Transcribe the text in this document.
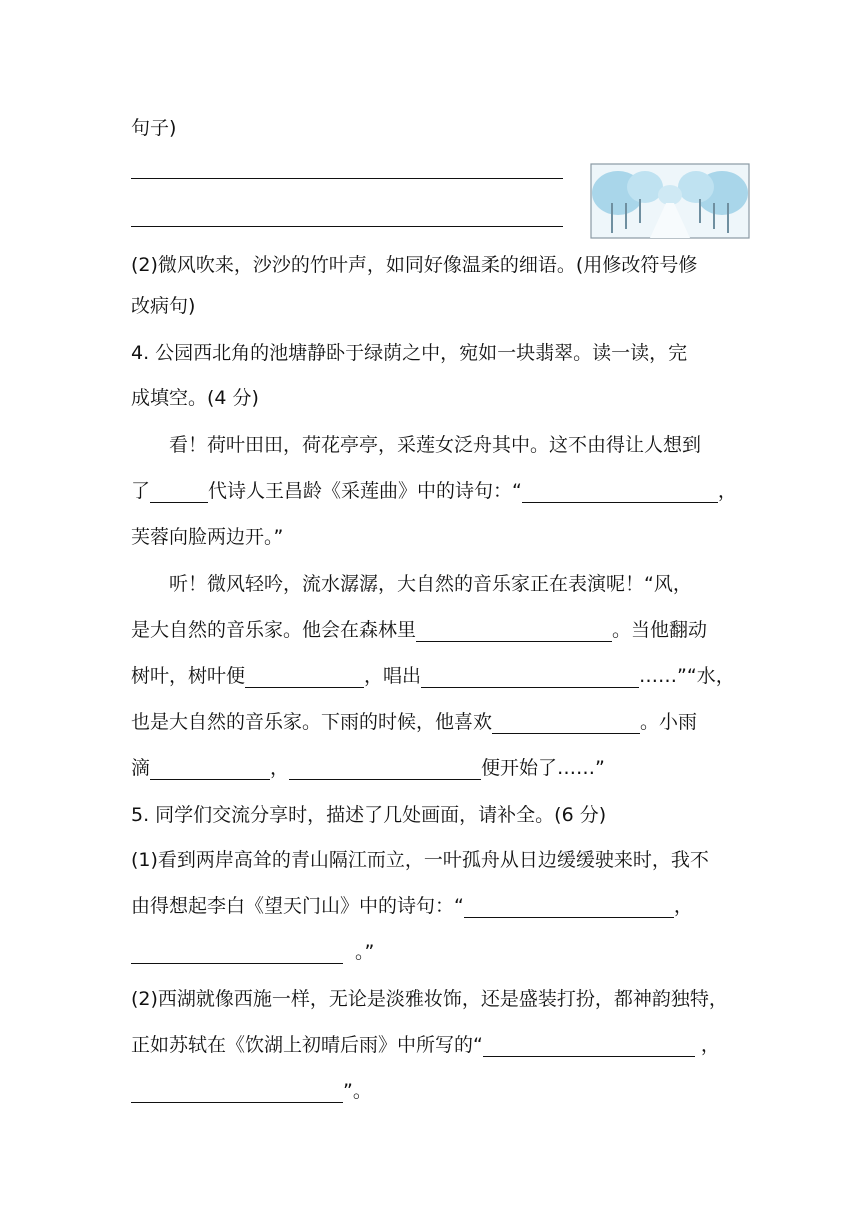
句子)
(2)微风吹来，沙沙的竹叶声，如同好像温柔的细语。(用修改符号修
改病句)
4. 公园西北角的池塘静卧于绿荫之中，宛如一块翡翠。读一读，完
成填空。(4 分)
看！荷叶田田，荷花亭亭，采莲女泛舟其中。这不由得让人想到
了	代诗人王昌龄《采莲曲》中的诗句：“	，
芙蓉向脸两边开。”
听！微风轻吟，流水潺潺，大自然的音乐家正在表演呢！“风，
是大自然的音乐家。他会在森林里	。当他翻动
树叶，树叶便	，唱出	……”“水，
也是大自然的音乐家。下雨的时候，他喜欢	。小雨
滴	，	便开始了……”
5. 同学们交流分享时，描述了几处画面，请补全。(6 分)
(1)看到两岸高耸的青山隔江而立，一叶孤舟从日边缓缓驶来时，我不
由得想起李白《望天门山》中的诗句：“	，
。”
(2)西湖就像西施一样，无论是淡雅妆饰，还是盛装打扮，都神韵独特，
正如苏轼在《饮湖上初晴后雨》中所写的“	，
”。
